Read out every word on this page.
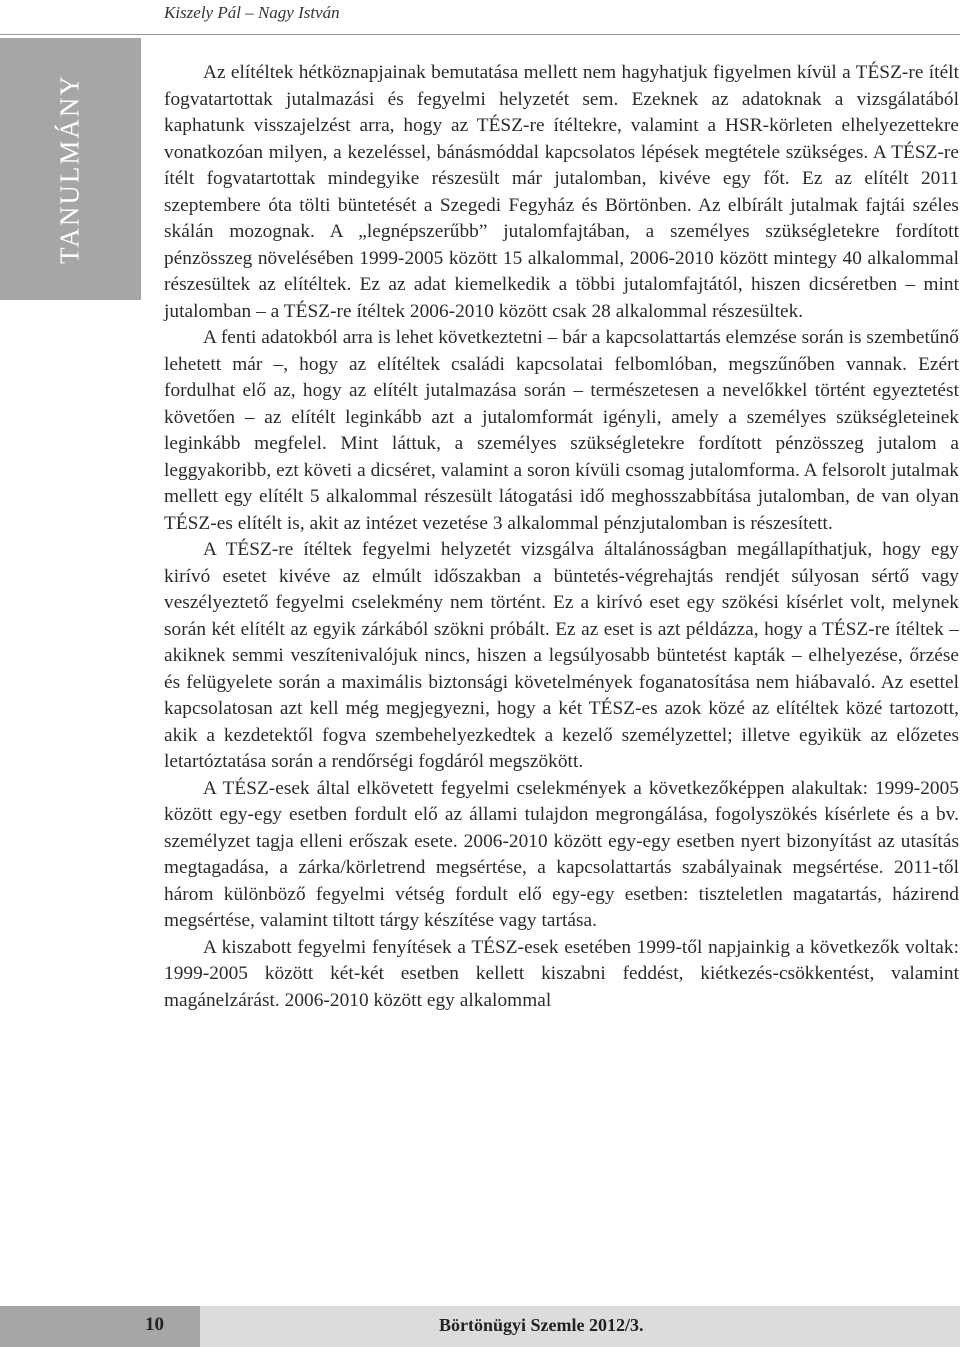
Kiszely Pál – Nagy István
TANULMÁNY

Az elítéltek hétköznapjainak bemutatása mellett nem hagyhatjuk figyelmen kívül a TÉSZ-re ítélt fogvatartottak jutalmazási és fegyelmi helyzetét sem. Ezeknek az adatoknak a vizsgálatából kaphatunk visszajelzést arra, hogy az TÉSZ-re ítéltekre, valamint a HSR-körleten elhelyezettekre vonatkozóan milyen, a kezeléssel, bánásmóddal kapcsolatos lépések megtétele szükséges. A TÉSZ-re ítélt fogvatartottak mindegyike részesült már jutalomban, kivéve egy főt. Ez az elítélt 2011 szeptembere óta tölti büntetését a Szegedi Fegyház és Börtönben. Az elbírált jutalmak fajtái széles skálán mozognak. A „legnépszerűbb” jutalomfajtában, a személyes szükségletekre fordított pénzösszeg növelésében 1999-2005 között 15 alkalommal, 2006-2010 között mintegy 40 alkalommal részesültek az elítéltek. Ez az adat kiemelkedik a többi jutalomfajtától, hiszen dicséretben – mint jutalomban – a TÉSZ-re ítéltek 2006-2010 között csak 28 alkalommal részesültek.

A fenti adatokból arra is lehet következtetni – bár a kapcsolattartás elemzése során is szembetűnő lehetett már –, hogy az elítéltek családi kapcsolatai felbomlóban, megszűnőben vannak. Ezért fordulhat elő az, hogy az elítélt jutalmazása során – természetesen a nevelőkkel történt egyeztetést követően – az elítélt leginkább azt a jutalomformát igényli, amely a személyes szükségleteinek leginkább megfelel. Mint láttuk, a személyes szükségletekre fordított pénzösszeg jutalom a leggyakoribb, ezt követi a dicséret, valamint a soron kívüli csomag jutalomforma. A felsorolt jutalmak mellett egy elítélt 5 alkalommal részesült látogatási idő meghosszabbítása jutalomban, de van olyan TÉSZ-es elítélt is, akit az intézet vezetése 3 alkalommal pénzjutalomban is részesített.

A TÉSZ-re ítéltek fegyelmi helyzetét vizsgálva általánosságban megállapíthatjuk, hogy egy kirívó esetet kivéve az elmúlt időszakban a büntetés-végrehajtás rendjét súlyosan sértő vagy veszélyeztető fegyelmi cselekmény nem történt. Ez a kirívó eset egy szökési kísérlet volt, melynek során két elítélt az egyik zárkából szökni próbált. Ez az eset is azt példázza, hogy a TÉSZ-re ítéltek – akiknek semmi veszítenivalójuk nincs, hiszen a legsúlyosabb büntetést kapták – elhelyezése, őrzése és felügyelete során a maximális biztonsági követelmények foganatosítása nem hiábavaló. Az esettel kapcsolatosan azt kell még megjegyezni, hogy a két TÉSZ-es azok közé az elítéltek közé tartozott, akik a kezdetektől fogva szembehelyezkedtek a kezelő személyzettel; illetve egyikük az előzetes letartóztatása során a rendőrségi fogdáról megszökött.

A TÉSZ-esek által elkövetett fegyelmi cselekmények a következőképpen alakultak: 1999-2005 között egy-egy esetben fordult elő az állami tulajdon megrongálása, fogolyszökés kísérlete és a bv. személyzet tagja elleni erőszak esete. 2006-2010 között egy-egy esetben nyert bizonyítást az utasítás megtagadása, a zárka/körletrend megsértése, a kapcsolattartás szabályainak megsértése. 2011-től három különböző fegyelmi vétség fordult elő egy-egy esetben: tiszteletlen magatartás, házirend megsértése, valamint tiltott tárgy készítése vagy tartása.

A kiszabott fegyelmi fenyítések a TÉSZ-esek esetében 1999-től napjainkig a következők voltak: 1999-2005 között két-két esetben kellett kiszabni feddést, kiétkezés-csökkentést, valamint magánelzárást. 2006-2010 között egy alkalommal

10	Börtönügyi Szemle 2012/3.
